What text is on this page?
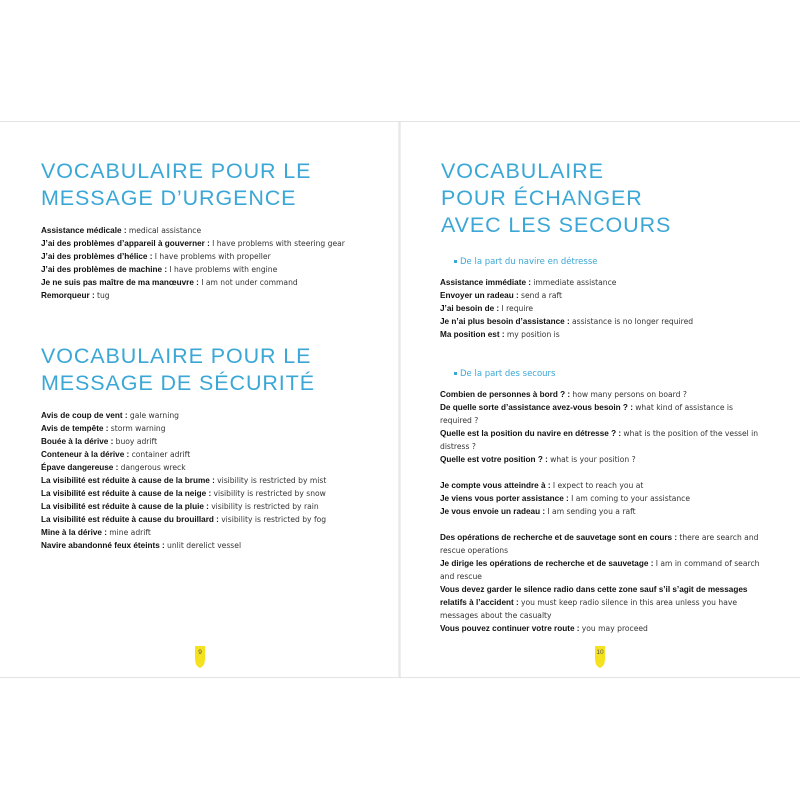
VOCABULAIRE POUR LE
MESSAGE D’URGENCE
Assistance médicale : medical assistance
J’ai des problèmes d’appareil à gouverner : I have problems with steering gear
J’ai des problèmes d’hélice : I have problems with propeller
J’ai des problèmes de machine : I have problems with engine
Je ne suis pas maître de ma manœuvre : I am not under command
Remorqueur : tug
VOCABULAIRE POUR LE
MESSAGE DE SÉCURITÉ
Avis de coup de vent : gale warning
Avis de tempête : storm warning
Bouée à la dérive : buoy adrift
Conteneur à la dérive : container adrift
Épave dangereuse : dangerous wreck
La visibilité est réduite à cause de la brume : visibility is restricted by mist
La visibilité est réduite à cause de la neige : visibility is restricted by snow
La visibilité est réduite à cause de la pluie : visibility is restricted by rain
La visibilité est réduite à cause du brouillard : visibility is restricted by fog
Mine à la dérive : mine adrift
Navire abandonné feux éteints : unlit derelict vessel
9
VOCABULAIRE
POUR ÉCHANGER
AVEC LES SECOURS
De la part du navire en détresse
Assistance immédiate : immediate assistance
Envoyer un radeau : send a raft
J’ai besoin de : I require
Je n’ai plus besoin d’assistance : assistance is no longer required
Ma position est : my position is
De la part des secours
Combien de personnes à bord ? : how many persons on board ?
De quelle sorte d’assistance avez-vous besoin ? : what kind of assistance is required ?
Quelle est la position du navire en détresse ? : what is the position of the vessel in distress ?
Quelle est votre position ? : what is your position ?
Je compte vous atteindre à : I expect to reach you at
Je viens vous porter assistance : I am coming to your assistance
Je vous envoie un radeau : I am sending you a raft
Des opérations de recherche et de sauvetage sont en cours : there are search and rescue operations
Je dirige les opérations de recherche et de sauvetage : I am in command of search and rescue
Vous devez garder le silence radio dans cette zone sauf s’il s’agit de messages relatifs à l’accident : you must keep radio silence in this area unless you have messages about the casualty
Vous pouvez continuer votre route : you may proceed
10
